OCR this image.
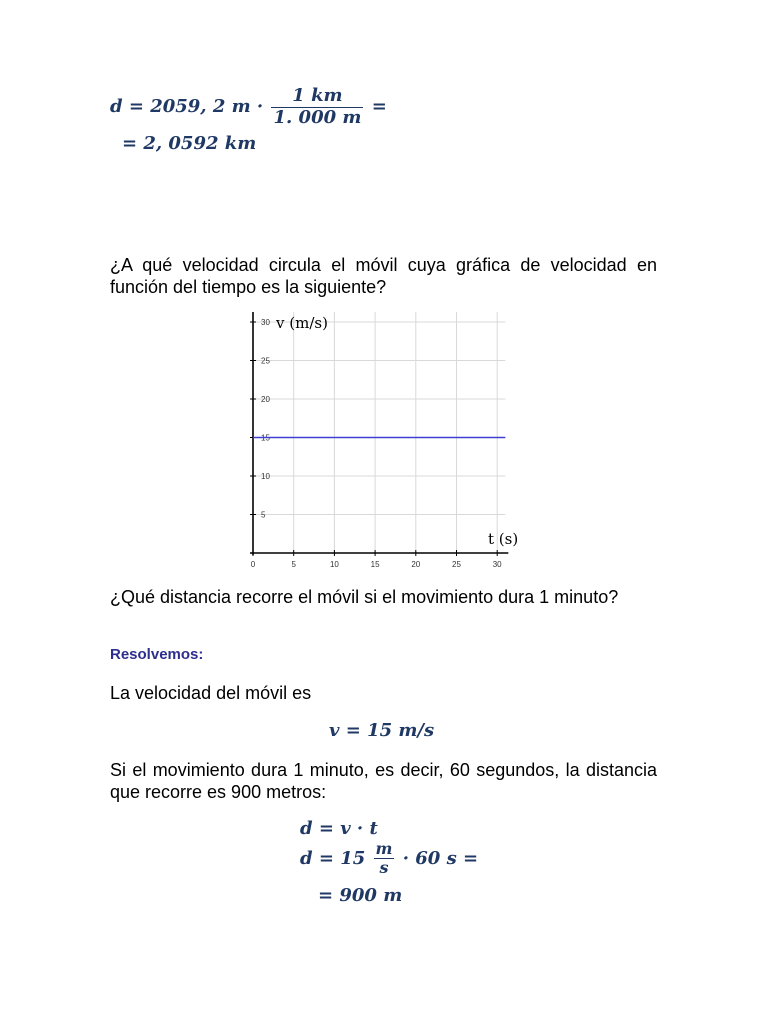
d = 2059, 2 $m \cdot \frac{1 km}{1. 000 m}$ =
= 2, 0592 km
¿A qué velocidad circula el móvil cuya gráfica de velocidad en función del tiempo es la siguiente?
0	5	10	15	20	25	30
5
10
15
20
25
30 v (m/s)
t (s)
¿Qué distancia recorre el móvil si el movimiento dura 1 minuto?
Resolvemos:
La velocidad del móvil es
v = 15 m/s
Si el movimiento dura 1 minuto, es decir, 60 segundos, la distancia que recorre es 900 metros:
d = v · t
$d = 15 \frac{m}{s} \cdot 60$ s =
= 900 m
